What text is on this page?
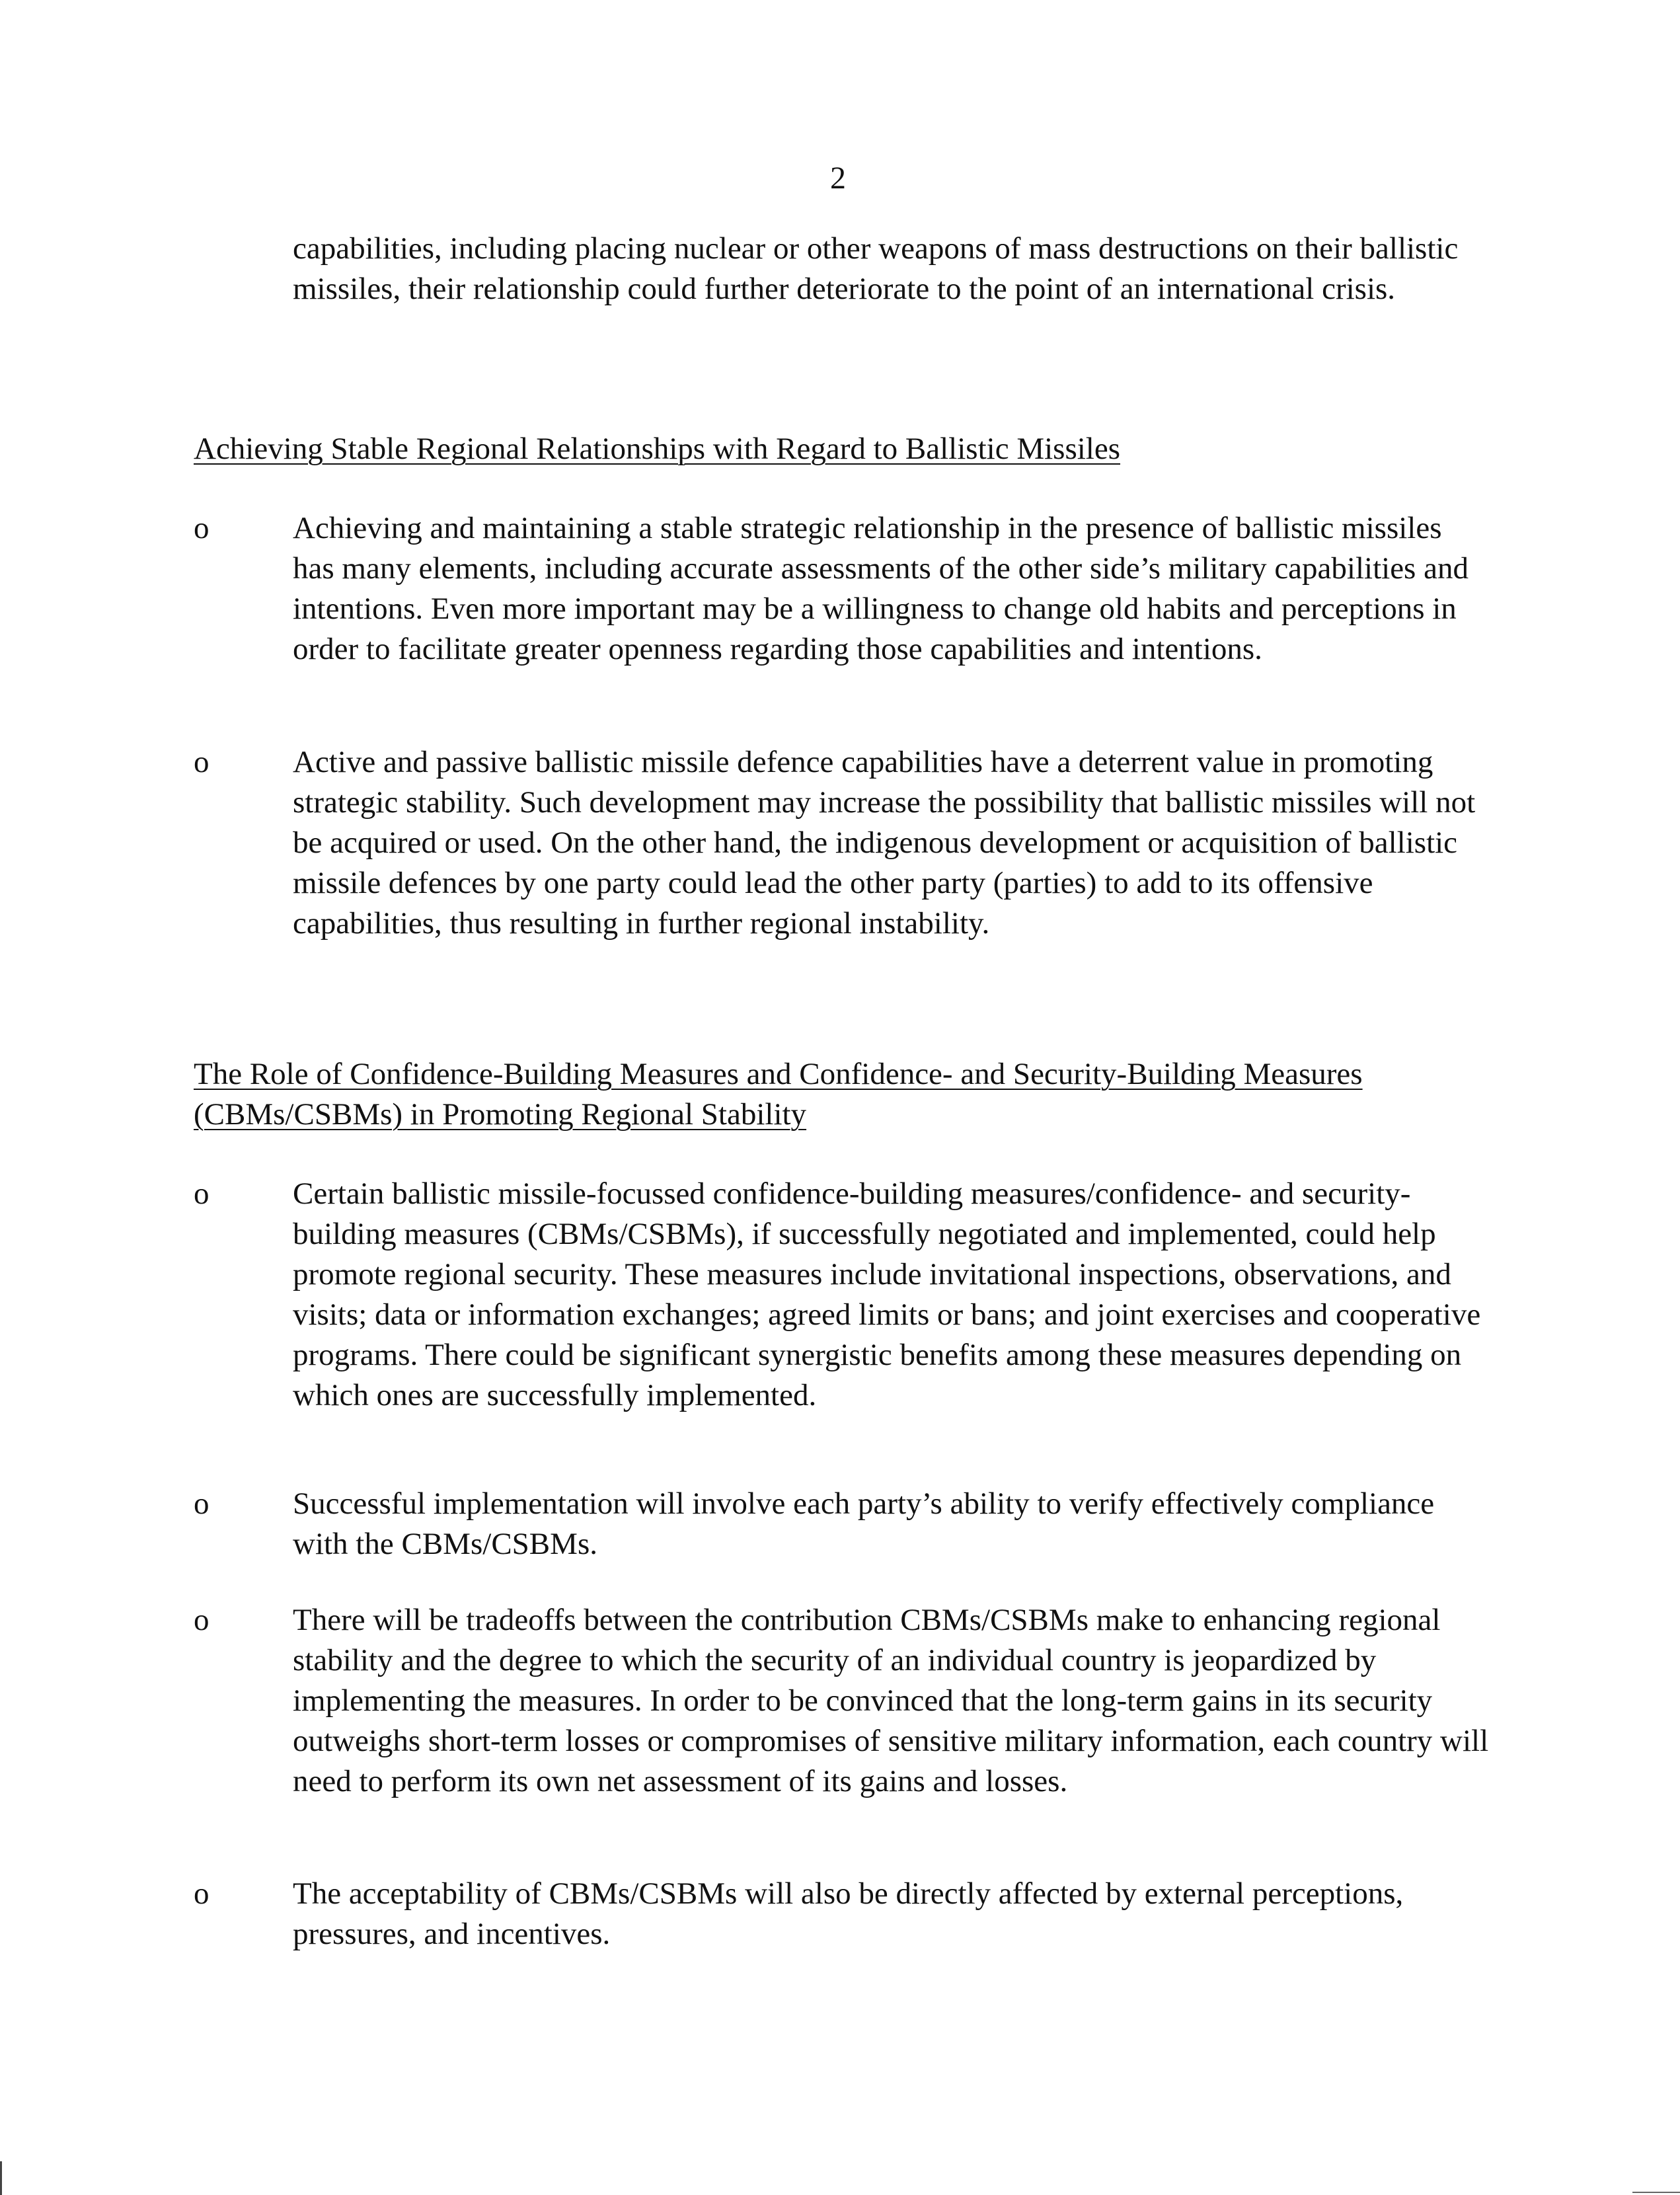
2

capabilities, including placing nuclear or other weapons of mass destructions on their ballistic missiles, their relationship could further deteriorate to the point of an international crisis.

Achieving Stable Regional Relationships with Regard to Ballistic Missiles
o	Achieving and maintaining a stable strategic relationship in the presence of ballistic missiles has many elements, including accurate assessments of the other side’s military capabilities and intentions. Even more important may be a willingness to change old habits and perceptions in order to facilitate greater openness regarding those capabilities and intentions.

o	Active and passive ballistic missile defence capabilities have a deterrent value in promoting strategic stability. Such development may increase the possibility that ballistic missiles will not be acquired or used. On the other hand, the indigenous development or acquisition of ballistic missile defences by one party could lead the other party (parties) to add to its offensive capabilities, thus resulting in further regional instability.

The Role of Confidence-Building Measures and Confidence- and Security-Building Measures (CBMs/CSBMs) in Promoting Regional Stability
o	Certain ballistic missile-focussed confidence-building measures/confidence- and security-building measures (CBMs/CSBMs), if successfully negotiated and implemented, could help promote regional security. These measures include invitational inspections, observations, and visits; data or information exchanges; agreed limits or bans; and joint exercises and cooperative programs. There could be significant synergistic benefits among these measures depending on which ones are successfully implemented.

o	Successful implementation will involve each party’s ability to verify effectively compliance with the CBMs/CSBMs.

o	There will be tradeoffs between the contribution CBMs/CSBMs make to enhancing regional stability and the degree to which the security of an individual country is jeopardized by implementing the measures. In order to be convinced that the long-term gains in its security outweighs short-term losses or compromises of sensitive military information, each country will need to perform its own net assessment of its gains and losses.

o	The acceptability of CBMs/CSBMs will also be directly affected by external perceptions, pressures, and incentives.
